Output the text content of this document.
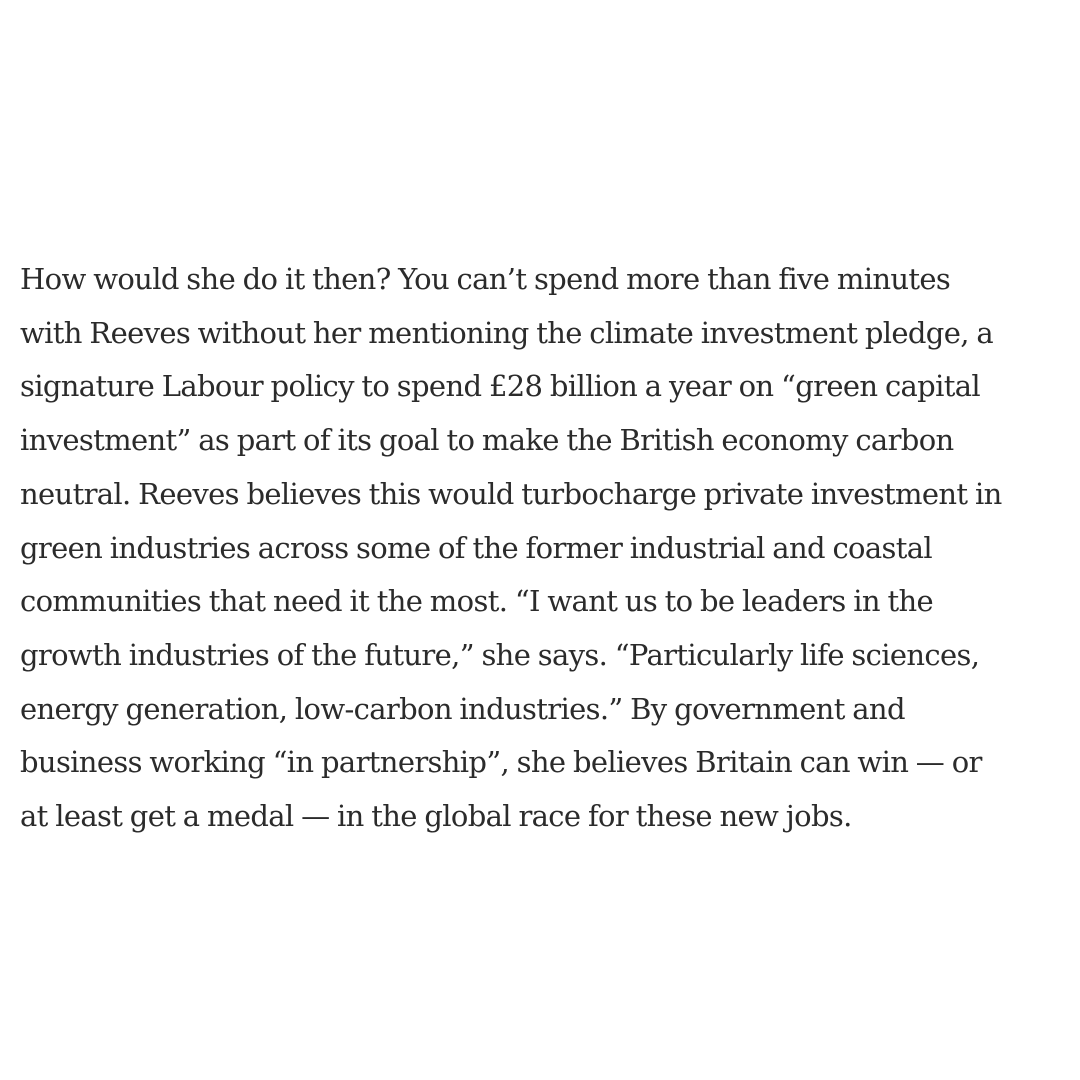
How would she do it then? You can’t spend more than five minutes
with Reeves without her mentioning the climate investment pledge, a
signature Labour policy to spend £28 billion a year on “green capital
investment” as part of its goal to make the British economy carbon
neutral. Reeves believes this would turbocharge private investment in
green industries across some of the former industrial and coastal
communities that need it the most. “I want us to be leaders in the
growth industries of the future,” she says. “Particularly life sciences,
energy generation, low-carbon industries.” By government and
business working “in partnership”, she believes Britain can win — or
at least get a medal — in the global race for these new jobs.
